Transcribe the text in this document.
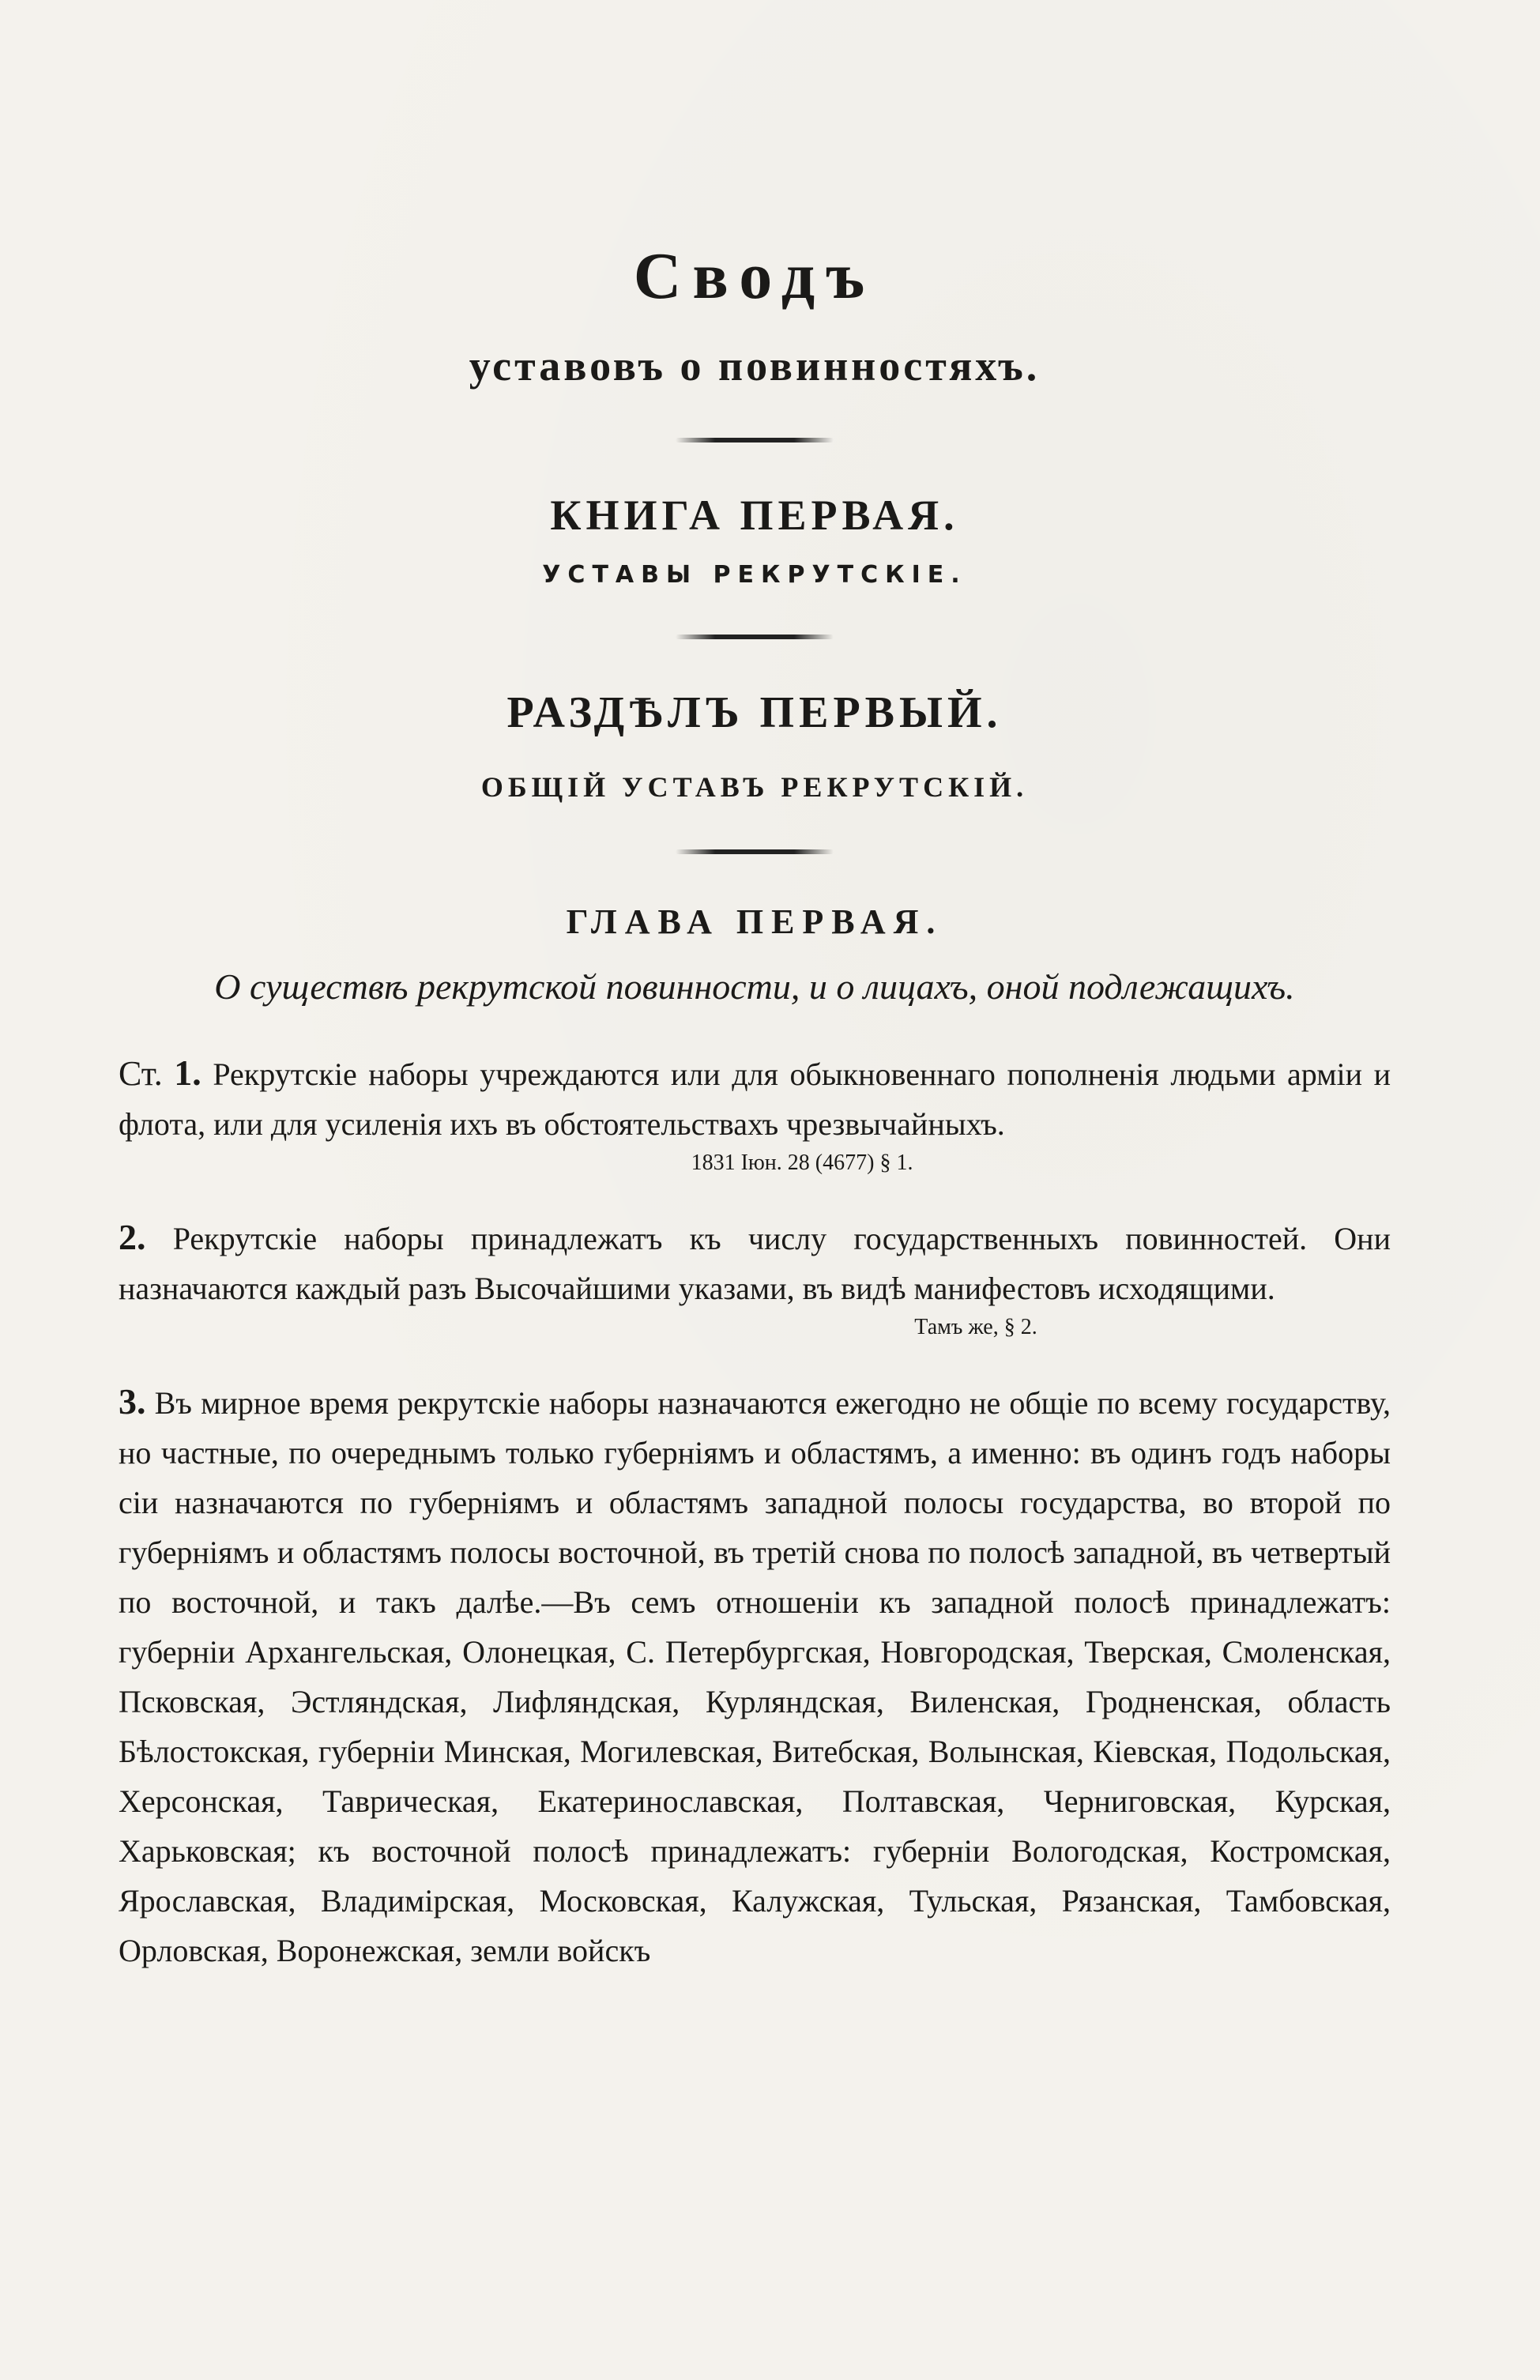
Сводъ
уставовъ о повинностяхъ.
КНИГА ПЕРВАЯ.
УСТАВЫ РЕКРУТСКІЕ.
РАЗДѢЛЪ ПЕРВЫЙ.
ОБЩІЙ УСТАВЪ РЕКРУТСКІЙ.
ГЛАВА ПЕРВАЯ.
О существѣ рекрутской повинности, и о лицахъ, оной подлежащихъ.
Ст. 1. Рекрутскіе наборы учреждаются или для обыкновеннаго пополненія людьми арміи и флота, или для усиленія ихъ въ обстоятельствахъ чрезвычайныхъ.
1831 Іюн. 28 (4677) § 1.
2. Рекрутскіе наборы принадлежатъ къ числу государственныхъ повинностей. Они назначаются каждый разъ Высочайшими указами, въ видѣ манифестовъ исходящими.
Тамъ же, § 2.
3. Въ мирное время рекрутскіе наборы назначаются ежегодно не общіе по всему государству, но частные, по очереднымъ только губерніямъ и областямъ, а именно: въ одинъ годъ наборы сіи назначаются по губерніямъ и областямъ западной полосы государства, во второй по губерніямъ и областямъ полосы восточной, въ третій снова по полосѣ западной, въ четвертый по восточной, и такъ далѣе.—Въ семъ отношеніи къ западной полосѣ принадлежатъ: губерніи Архангельская, Олонецкая, С. Петербургская, Новгородская, Тверская, Смоленская, Псковская, Эстляндская, Лифляндская, Курляндская, Виленская, Гродненская, область Бѣлостокская, губерніи Минская, Могилевская, Витебская, Волынская, Кіевская, Подольская, Херсонская, Таврическая, Екатеринославская, Полтавская, Черниговская, Курская, Харьковская; къ восточной полосѣ принадлежатъ: губерніи Вологодская, Костромская, Ярославская, Владимірская, Московская, Калужская, Тульская, Рязанская, Тамбовская, Орловская, Воронежская, земли войскъ
